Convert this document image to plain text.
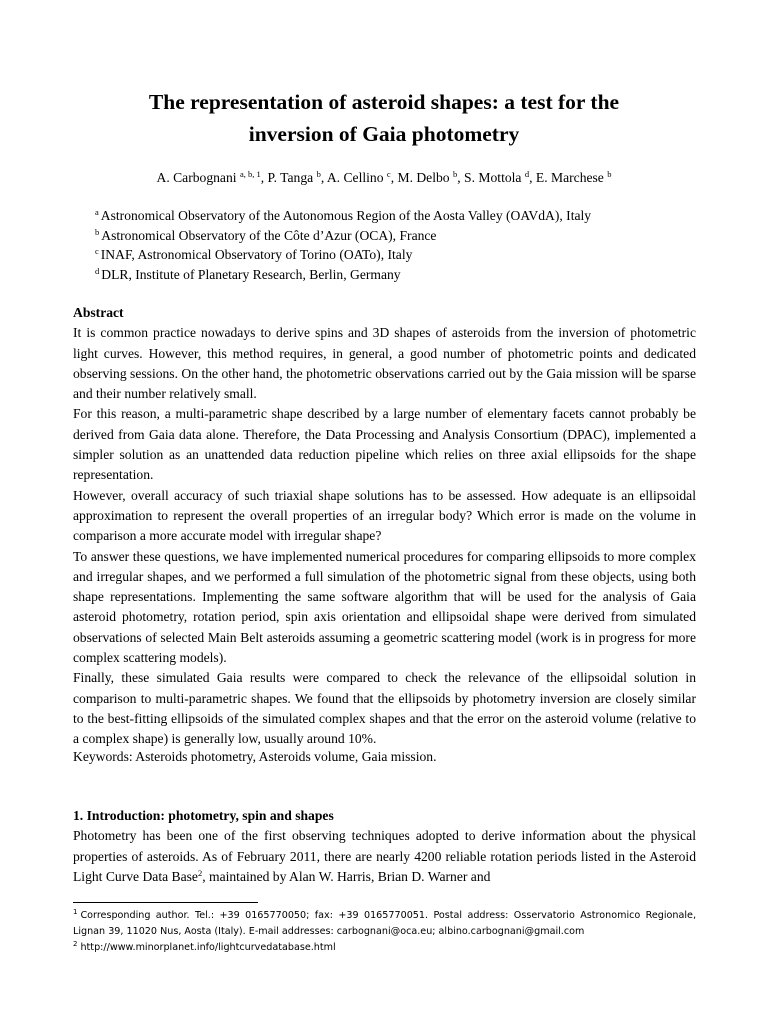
The representation of asteroid shapes: a test for the
inversion of Gaia photometry
A. Carbognani $^{a, b, 1}$, P. Tanga $^b$, A. Cellino $^c$, M. Delbo $^b$, S. Mottola $^d$, E. Marchese $^b$
$^a$ Astronomical Observatory of the Autonomous Region of the Aosta Valley (OAVdA), Italy
$^b$ Astronomical Observatory of the Côte d’Azur (OCA), France
$^c$ INAF, Astronomical Observatory of Torino (OATo), Italy
$^d$ DLR, Institute of Planetary Research, Berlin, Germany

Abstract

It is common practice nowadays to derive spins and 3D shapes of asteroids from the inversion of photometric light curves. However, this method requires, in general, a good number of photometric points and dedicated observing sessions. On the other hand, the photometric observations carried out by the Gaia mission will be sparse and their number relatively small.

For this reason, a multi-parametric shape described by a large number of elementary facets cannot probably be derived from Gaia data alone. Therefore, the Data Processing and Analysis Consortium (DPAC), implemented a simpler solution as an unattended data reduction pipeline which relies on three axial ellipsoids for the shape representation.

However, overall accuracy of such triaxial shape solutions has to be assessed. How adequate is an ellipsoidal approximation to represent the overall properties of an irregular body? Which error is made on the volume in comparison a more accurate model with irregular shape?

To answer these questions, we have implemented numerical procedures for comparing ellipsoids to more complex and irregular shapes, and we performed a full simulation of the photometric signal from these objects, using both shape representations. Implementing the same software algorithm that will be used for the analysis of Gaia asteroid photometry, rotation period, spin axis orientation and ellipsoidal shape were derived from simulated observations of selected Main Belt asteroids assuming a geometric scattering model (work is in progress for more complex scattering models).

Finally, these simulated Gaia results were compared to check the relevance of the ellipsoidal solution in comparison to multi-parametric shapes. We found that the ellipsoids by photometry inversion are closely similar to the best-fitting ellipsoids of the simulated complex shapes and that the error on the asteroid volume (relative to a complex shape) is generally low, usually around 10%.

Keywords: Asteroids photometry, Asteroids volume, Gaia mission.

1. Introduction: photometry, spin and shapes

Photometry has been one of the first observing techniques adopted to derive information about the physical properties of asteroids. As of February 2011, there are nearly 4200 reliable rotation periods listed in the Asteroid Light Curve Data Base$^2$, maintained by Alan W. Harris, Brian D. Warner and

$^1$ Corresponding author. Tel.: +39 0165770050; fax: +39 0165770051. Postal address: Osservatorio Astronomico Regionale, Lignan 39, 11020 Nus, Aosta (Italy). E-mail addresses: carbognani@oca.eu; albino.carbognani@gmail.com

$^2$ http://www.minorplanet.info/lightcurvedatabase.html
